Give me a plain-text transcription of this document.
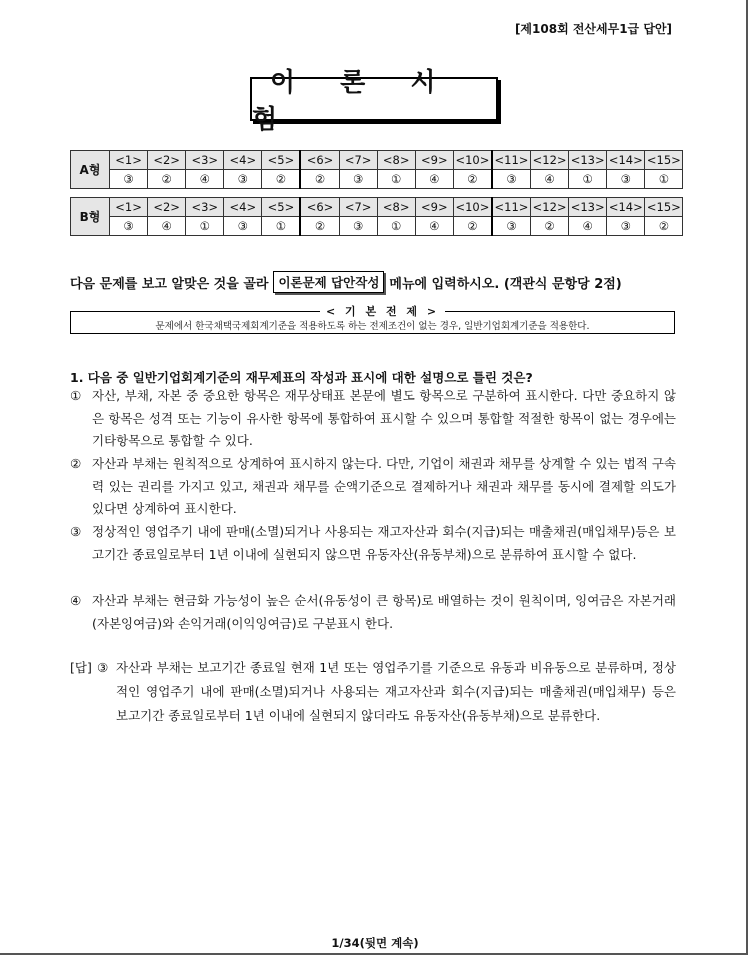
[제108회 전산세무1급 답안]
이 론 시 험
A형	<1>	<2>	<3>	<4>	<5>	<6>	<7>	<8>	<9>	<10>	<11>	<12>	<13>	<14>	<15>
	③	②	④	③	②	②	③	①	④	②	③	④	①	③	①
B형	<1>	<2>	<3>	<4>	<5>	<6>	<7>	<8>	<9>	<10>	<11>	<12>	<13>	<14>	<15>
	③	④	①	③	①	②	③	①	④	②	③	②	④	③	②
다음 문제를 보고 알맞은 것을 골라 이론문제 답안작성 메뉴에 입력하시오. (객관식 문항당 2점)
< 기 본 전 제 >
문제에서 한국채택국제회계기준을 적용하도록 하는 전제조건이 없는 경우, 일반기업회계기준을 적용한다.
1. 다음 중 일반기업회계기준의 재무제표의 작성과 표시에 대한 설명으로 틀린 것은?
① 자산, 부채, 자본 중 중요한 항목은 재무상태표 본문에 별도 항목으로 구분하여 표시한다. 다만 중요하지 않은 항목은 성격 또는 기능이 유사한 항목에 통합하여 표시할 수 있으며 통합할 적절한 항목이 없는 경우에는 기타항목으로 통합할 수 있다.
② 자산과 부채는 원칙적으로 상계하여 표시하지 않는다. 다만, 기업이 채권과 채무를 상계할 수 있는 법적 구속력 있는 권리를 가지고 있고, 채권과 채무를 순액기준으로 결제하거나 채권과 채무를 동시에 결제할 의도가 있다면 상계하여 표시한다.
③ 정상적인 영업주기 내에 판매(소멸)되거나 사용되는 재고자산과 회수(지급)되는 매출채권(매입채무)등은 보고기간 종료일로부터 1년 이내에 실현되지 않으면 유동자산(유동부채)으로 분류하여 표시할 수 없다.
④ 자산과 부채는 현금화 가능성이 높은 순서(유동성이 큰 항목)로 배열하는 것이 원칙이며, 잉여금은 자본거래(자본잉여금)와 손익거래(이익잉여금)로 구분표시 한다.
[답] ③ 자산과 부채는 보고기간 종료일 현재 1년 또는 영업주기를 기준으로 유동과 비유동으로 분류하며, 정상적인 영업주기 내에 판매(소멸)되거나 사용되는 재고자산과 회수(지급)되는 매출채권(매입채무) 등은 보고기간 종료일로부터 1년 이내에 실현되지 않더라도 유동자산(유동부채)으로 분류한다.
1/34(뒷면 계속)
